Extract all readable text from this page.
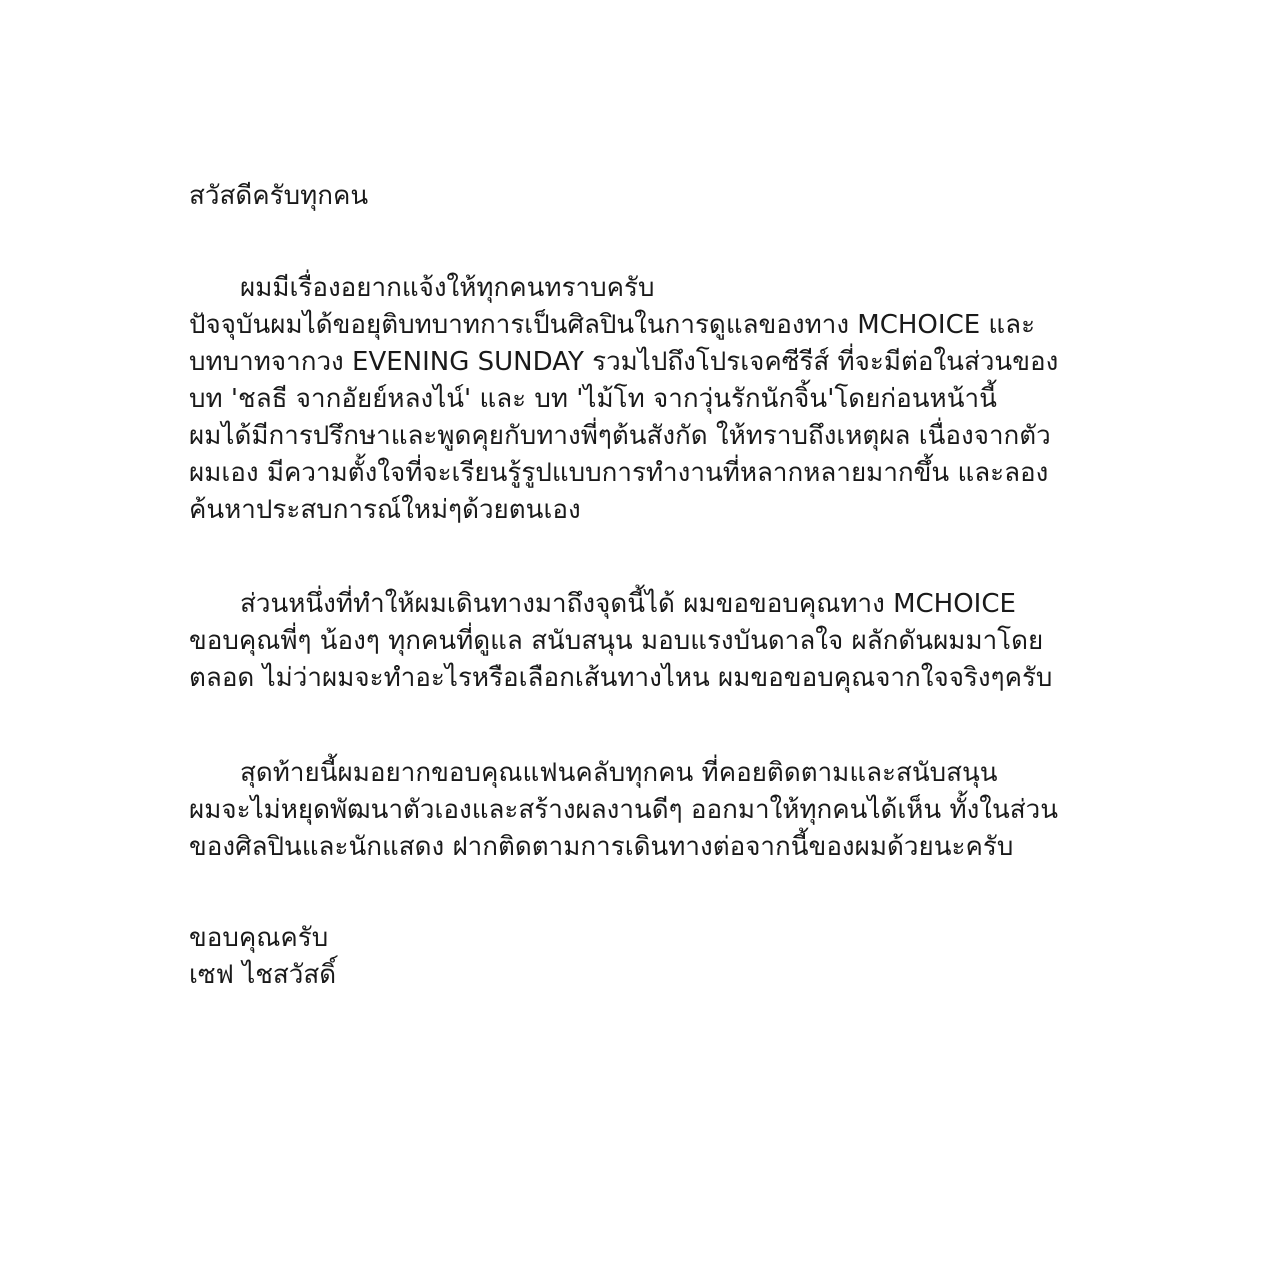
สวัสดีครับทุกคน
ผมมีเรื่องอยากแจ้งให้ทุกคนทราบครับ
ปัจจุบันผมได้ขอยุติบทบาทการเป็นศิลปินในการดูแลของทาง MCHOICE และ
บทบาทจากวง EVENING SUNDAY รวมไปถึงโปรเจคซีรีส์ ที่จะมีต่อในส่วนของ
บท 'ชลธี จากอัยย์หลงไน์' และ บท 'ไม้โท จากวุ่นรักนักจิ้น'โดยก่อนหน้านี้
ผมได้มีการปรึกษาและพูดคุยกับทางพี่ๆต้นสังกัด ให้ทราบถึงเหตุผล เนื่องจากตัว
ผมเอง มีความตั้งใจที่จะเรียนรู้รูปแบบการทำงานที่หลากหลายมากขึ้น และลอง
ค้นหาประสบการณ์ใหม่ๆด้วยตนเอง
ส่วนหนึ่งที่ทำให้ผมเดินทางมาถึงจุดนี้ได้ ผมขอขอบคุณทาง MCHOICE
ขอบคุณพี่ๆ น้องๆ ทุกคนที่ดูแล สนับสนุน มอบแรงบันดาลใจ ผลักดันผมมาโดย
ตลอด ไม่ว่าผมจะทำอะไรหรือเลือกเส้นทางไหน ผมขอขอบคุณจากใจจริงๆครับ
สุดท้ายนี้ผมอยากขอบคุณแฟนคลับทุกคน ที่คอยติดตามและสนับสนุน
ผมจะไม่หยุดพัฒนาตัวเองและสร้างผลงานดีๆ ออกมาให้ทุกคนได้เห็น ทั้งในส่วน
ของศิลปินและนักแสดง ฝากติดตามการเดินทางต่อจากนี้ของผมด้วยนะครับ
ขอบคุณครับ
เซฟ ไชสวัสดิ์
